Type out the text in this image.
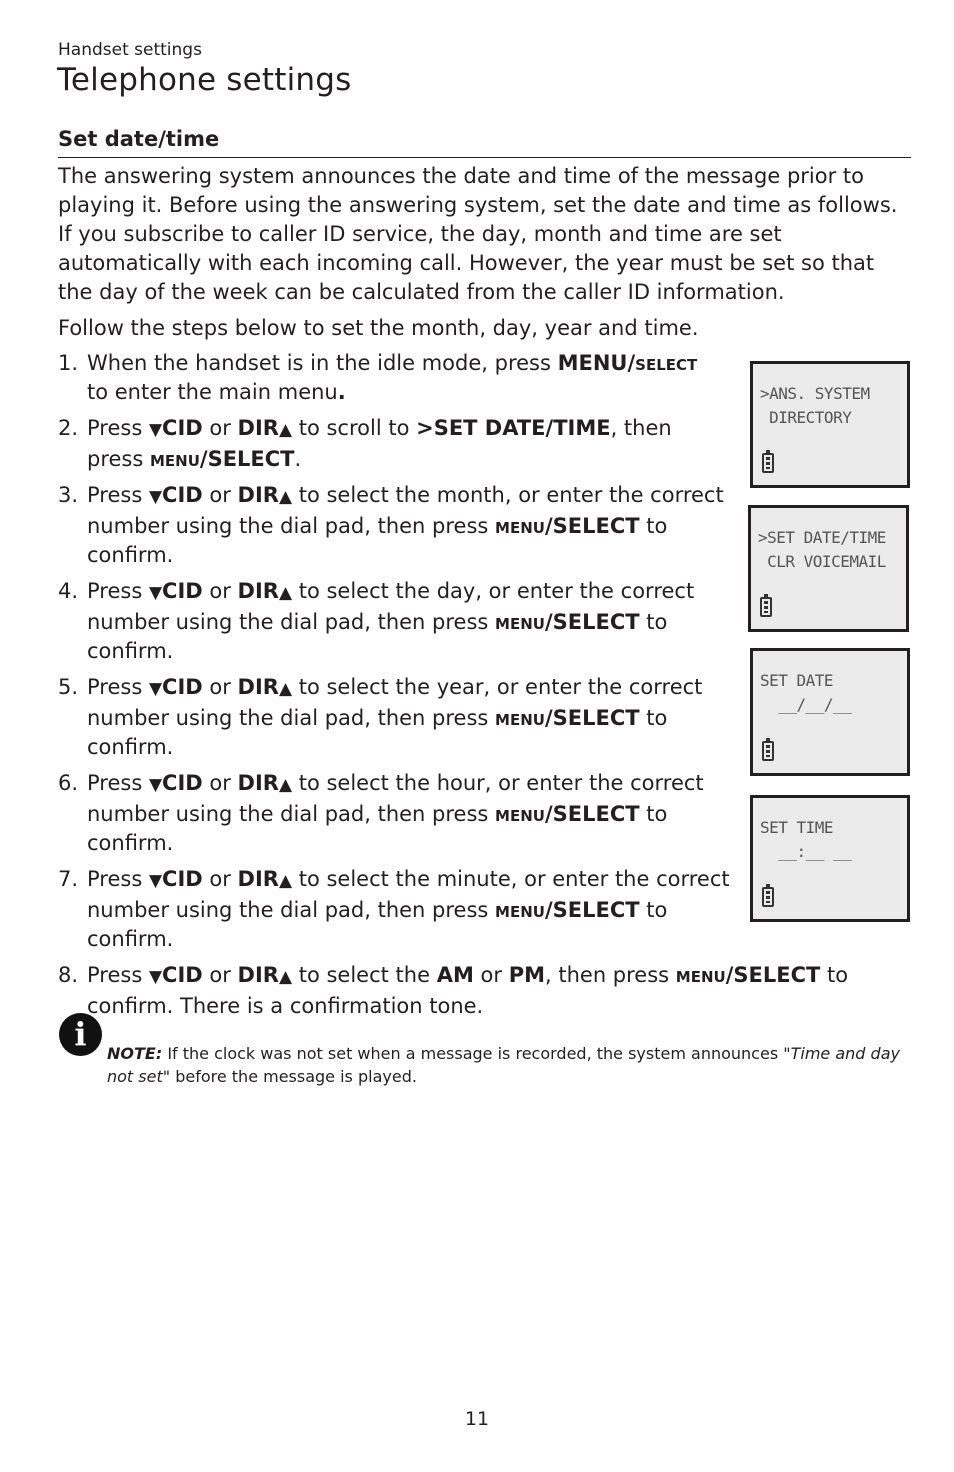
Handset settings
Telephone settings
Set date/time

The answering system announces the date and time of the message prior to playing it. Before using the answering system, set the date and time as follows. If you subscribe to caller ID service, the day, month and time are set automatically with each incoming call. However, the year must be set so that the day of the week can be calculated from the caller ID information.

Follow the steps below to set the month, day, year and time.

1. When the handset is in the idle mode, press MENU/select
to enter the main menu.
2. Press ▼CID or DIR▲ to scroll to >SET DATE/TIME, then
press menu/SELECT.
3. Press ▼CID or DIR▲ to select the month, or enter the correct number using the dial pad, then press menu/SELECT to confirm.
4. Press ▼CID or DIR▲ to select the day, or enter the correct number using the dial pad, then press menu/SELECT to confirm.
5. Press ▼CID or DIR▲ to select the year, or enter the correct number using the dial pad, then press menu/SELECT to confirm.
6. Press ▼CID or DIR▲ to select the hour, or enter the correct number using the dial pad, then press menu/SELECT to confirm.
7. Press ▼CID or DIR▲ to select the minute, or enter the correct number using the dial pad, then press menu/SELECT to confirm.
8. Press ▼CID or DIR▲ to select the AM or PM, then press menu/SELECT to confirm. There is a confirmation tone.
>ANS. SYSTEM
DIRECTORY
>SET DATE/TIME
CLR VOICEMAIL
SET DATE
__/__/__
SET TIME
__:__ __
i

NOTE: If the clock was not set when a message is recorded, the system announces "Time and day not set" before the message is played.

11
